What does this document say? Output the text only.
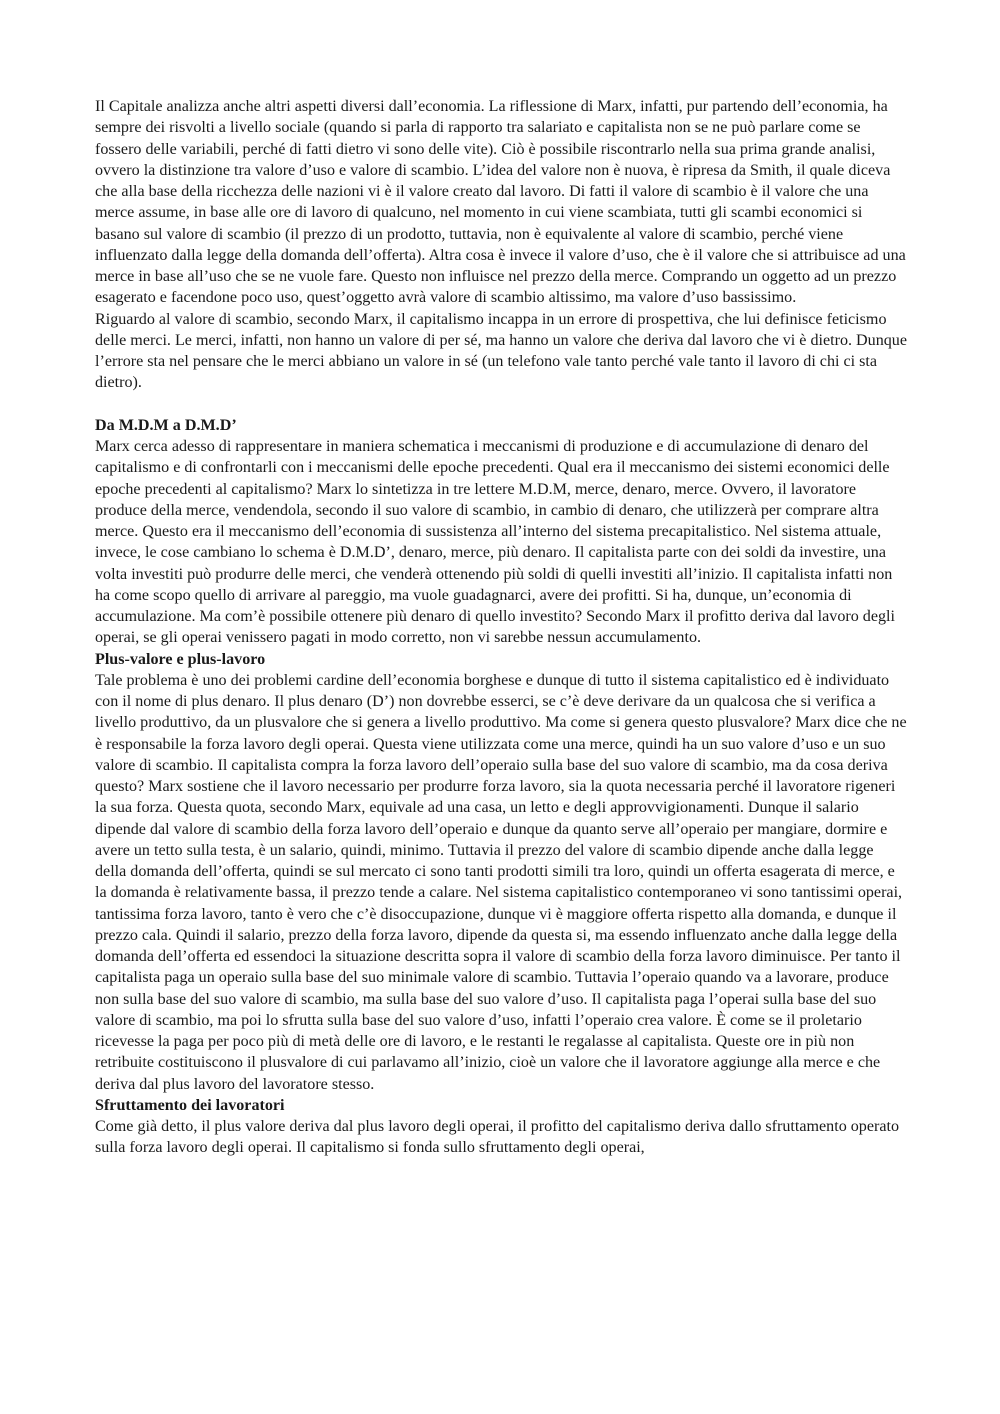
Il Capitale analizza anche altri aspetti diversi dall’economia. La riflessione di Marx, infatti, pur partendo dell’economia, ha sempre dei risvolti a livello sociale (quando si parla di rapporto tra salariato e capitalista non se ne può parlare come se fossero delle variabili, perché di fatti dietro vi sono delle vite). Ciò è possibile riscontrarlo nella sua prima grande analisi, ovvero la distinzione tra valore d’uso e valore di scambio. L’idea del valore non è nuova, è ripresa da Smith, il quale diceva che alla base della ricchezza delle nazioni vi è il valore creato dal lavoro. Di fatti il valore di scambio è il valore che una merce assume, in base alle ore di lavoro di qualcuno, nel momento in cui viene scambiata, tutti gli scambi economici si basano sul valore di scambio (il prezzo di un prodotto, tuttavia, non è equivalente al valore di scambio, perché viene influenzato dalla legge della domanda dell’offerta). Altra cosa è invece il valore d’uso, che è il valore che si attribuisce ad una merce in base all’uso che se ne vuole fare. Questo non influisce nel prezzo della merce. Comprando un oggetto ad un prezzo esagerato e facendone poco uso, quest’oggetto avrà valore di scambio altissimo, ma valore d’uso bassissimo.

Riguardo al valore di scambio, secondo Marx, il capitalismo incappa in un errore di prospettiva, che lui definisce feticismo delle merci. Le merci, infatti, non hanno un valore di per sé, ma hanno un valore che deriva dal lavoro che vi è dietro. Dunque l’errore sta nel pensare che le merci abbiano un valore in sé (un telefono vale tanto perché vale tanto il lavoro di chi ci sta dietro).

Da M.D.M a D.M.D’

Marx cerca adesso di rappresentare in maniera schematica i meccanismi di produzione e di accumulazione di denaro del capitalismo e di confrontarli con i meccanismi delle epoche precedenti. Qual era il meccanismo dei sistemi economici delle epoche precedenti al capitalismo? Marx lo sintetizza in tre lettere M.D.M, merce, denaro, merce. Ovvero, il lavoratore produce della merce, vendendola, secondo il suo valore di scambio, in cambio di denaro, che utilizzerà per comprare altra merce. Questo era il meccanismo dell’economia di sussistenza all’interno del sistema precapitalistico. Nel sistema attuale, invece, le cose cambiano lo schema è D.M.D’, denaro, merce, più denaro. Il capitalista parte con dei soldi da investire, una volta investiti può produrre delle merci, che venderà ottenendo più soldi di quelli investiti all’inizio. Il capitalista infatti non ha come scopo quello di arrivare al pareggio, ma vuole guadagnarci, avere dei profitti. Si ha, dunque, un’economia di accumulazione. Ma com’è possibile ottenere più denaro di quello investito? Secondo Marx il profitto deriva dal lavoro degli operai, se gli operai venissero pagati in modo corretto, non vi sarebbe nessun accumulamento.

Plus-valore e plus-lavoro

Tale problema è uno dei problemi cardine dell’economia borghese e dunque di tutto il sistema capitalistico ed è individuato con il nome di plus denaro. Il plus denaro (D’) non dovrebbe esserci, se c’è deve derivare da un qualcosa che si verifica a livello produttivo, da un plusvalore che si genera a livello produttivo. Ma come si genera questo plusvalore? Marx dice che ne è responsabile la forza lavoro degli operai. Questa viene utilizzata come una merce, quindi ha un suo valore d’uso e un suo valore di scambio. Il capitalista compra la forza lavoro dell’operaio sulla base del suo valore di scambio, ma da cosa deriva questo? Marx sostiene che il lavoro necessario per produrre forza lavoro, sia la quota necessaria perché il lavoratore rigeneri la sua forza. Questa quota, secondo Marx, equivale ad una casa, un letto e degli approvvigionamenti. Dunque il salario dipende dal valore di scambio della forza lavoro dell’operaio e dunque da quanto serve all’operaio per mangiare, dormire e avere un tetto sulla testa, è un salario, quindi, minimo. Tuttavia il prezzo del valore di scambio dipende anche dalla legge della domanda dell’offerta, quindi se sul mercato ci sono tanti prodotti simili tra loro, quindi un offerta esagerata di merce, e la domanda è relativamente bassa, il prezzo tende a calare. Nel sistema capitalistico contemporaneo vi sono tantissimi operai, tantissima forza lavoro, tanto è vero che c’è disoccupazione, dunque vi è maggiore offerta rispetto alla domanda, e dunque il prezzo cala. Quindi il salario, prezzo della forza lavoro, dipende da questa si, ma essendo influenzato anche dalla legge della domanda dell’offerta ed essendoci la situazione descritta sopra il valore di scambio della forza lavoro diminuisce. Per tanto il capitalista paga un operaio sulla base del suo minimale valore di scambio. Tuttavia l’operaio quando va a lavorare, produce non sulla base del suo valore di scambio, ma sulla base del suo valore d’uso. Il capitalista paga l’operai sulla base del suo valore di scambio, ma poi lo sfrutta sulla base del suo valore d’uso, infatti l’operaio crea valore. È come se il proletario ricevesse la paga per poco più di metà delle ore di lavoro, e le restanti le regalasse al capitalista. Queste ore in più non retribuite costituiscono il plusvalore di cui parlavamo all’inizio, cioè un valore che il lavoratore aggiunge alla merce e che deriva dal plus lavoro del lavoratore stesso.

Sfruttamento dei lavoratori

Come già detto, il plus valore deriva dal plus lavoro degli operai, il profitto del capitalismo deriva dallo sfruttamento operato sulla forza lavoro degli operai. Il capitalismo si fonda sullo sfruttamento degli operai,
